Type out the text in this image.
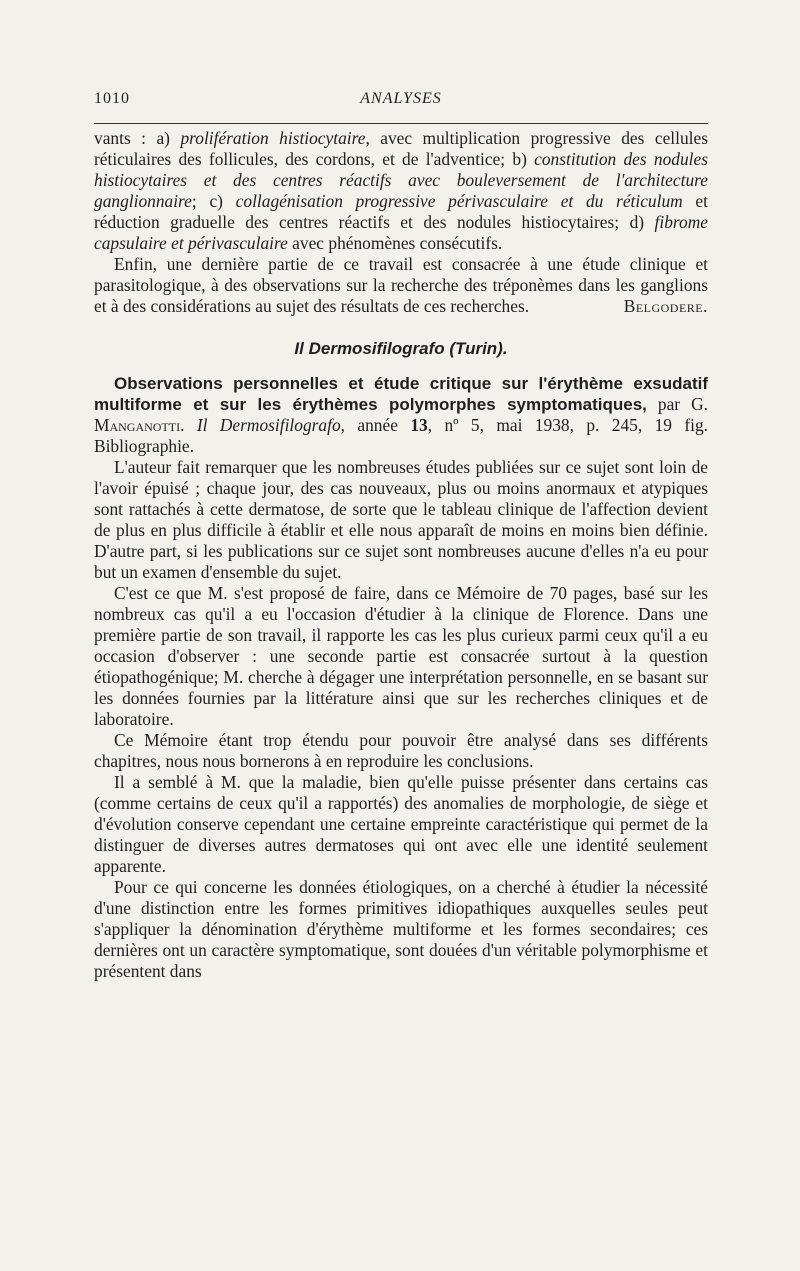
1010	ANALYSES

vants : a) prolifération histiocytaire, avec multiplication progressive des cellules réticulaires des follicules, des cordons, et de l'adventice; b) constitution des nodules histiocytaires et des centres réactifs avec bouleversement de l'architecture ganglionnaire; c) collagénisation progressive périvasculaire et du réticulum et réduction graduelle des centres réactifs et des nodules histiocytaires; d) fibrome capsulaire et périvasculaire avec phénomènes consécutifs.

Enfin, une dernière partie de ce travail est consacrée à une étude clinique et parasitologique, à des observations sur la recherche des tréponèmes dans les ganglions et à des considérations au sujet des résultats de ces recherches.	Belgodere.

Il Dermosifilografo (Turin).

Observations personnelles et étude critique sur l'érythème exsudatif multiforme et sur les érythèmes polymorphes symptomatiques, par G. Manganotti. Il Dermosifilografo, année 13, nº 5, mai 1938, p. 245, 19 fig. Bibliographie.

L'auteur fait remarquer que les nombreuses études publiées sur ce sujet sont loin de l'avoir épuisé ; chaque jour, des cas nouveaux, plus ou moins anormaux et atypiques sont rattachés à cette dermatose, de sorte que le tableau clinique de l'affection devient de plus en plus difficile à établir et elle nous apparaît de moins en moins bien définie. D'autre part, si les publications sur ce sujet sont nombreuses aucune d'elles n'a eu pour but un examen d'ensemble du sujet.

C'est ce que M. s'est proposé de faire, dans ce Mémoire de 70 pages, basé sur les nombreux cas qu'il a eu l'occasion d'étudier à la clinique de Florence. Dans une première partie de son travail, il rapporte les cas les plus curieux parmi ceux qu'il a eu occasion d'observer : une seconde partie est consacrée surtout à la question étiopathogénique; M. cherche à dégager une interprétation personnelle, en se basant sur les données fournies par la littérature ainsi que sur les recherches cliniques et de laboratoire.

Ce Mémoire étant trop étendu pour pouvoir être analysé dans ses différents chapitres, nous nous bornerons à en reproduire les conclusions.

Il a semblé à M. que la maladie, bien qu'elle puisse présenter dans certains cas (comme certains de ceux qu'il a rapportés) des anomalies de morphologie, de siège et d'évolution conserve cependant une certaine empreinte caractéristique qui permet de la distinguer de diverses autres dermatoses qui ont avec elle une identité seulement apparente.

Pour ce qui concerne les données étiologiques, on a cherché à étudier la nécessité d'une distinction entre les formes primitives idiopathiques auxquelles seules peut s'appliquer la dénomination d'érythème multiforme et les formes secondaires; ces dernières ont un caractère symptomatique, sont douées d'un véritable polymorphisme et présentent dans
